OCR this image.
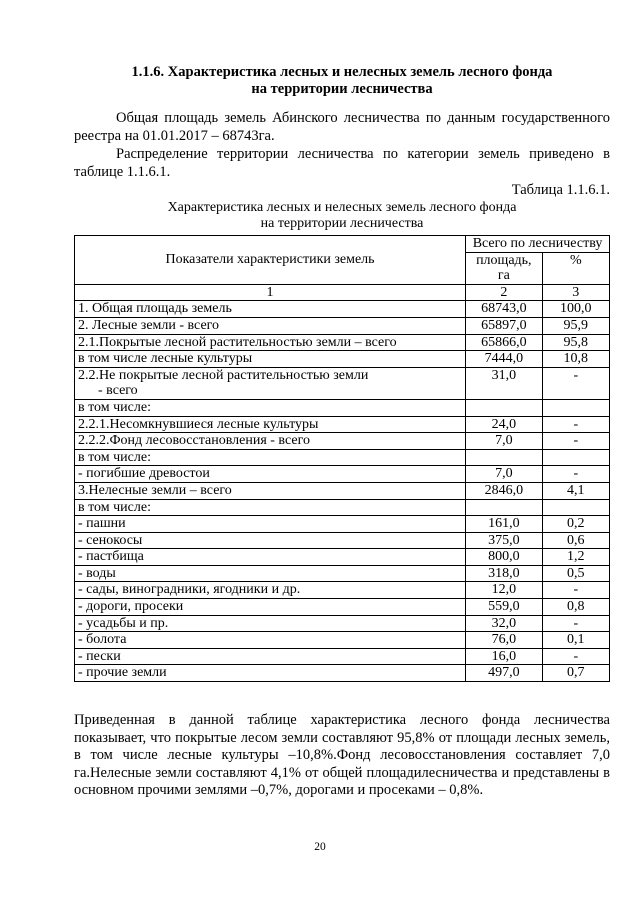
1.1.6. Характеристика лесных и нелесных земель лесного фонда
на территории лесничества
Общая площадь земель Абинского лесничества по данным государственного реестра на 01.01.2017 – 68743га.
Распределение территории лесничества по категории земель приведено в таблице 1.1.6.1.
Таблица 1.1.6.1.
Характеристика лесных и нелесных земель лесного фонда
на территории лесничества
Показатели характеристики земель	Всего по лесничеству	
	площадь, га	%
1	2	3
1. Общая площадь земель	68743,0	100,0
2. Лесные земли - всего	65897,0	95,9
2.1.Покрытые лесной растительностью земли – всего	65866,0	95,8
в том числе лесные культуры	7444,0	10,8

2.2.Не покрытые лесной растительностью земли
- всего	31,0	-
в том числе:		
2.2.1.Несомкнувшиеся лесные культуры	24,0	-
2.2.2.Фонд лесовосстановления - всего	7,0	-
в том числе:		
- погибшие древостои	7,0	-
3.Нелесные земли – всего	2846,0	4,1
в том числе:		
- пашни	161,0	0,2
- сенокосы	375,0	0,6
- пастбища	800,0	1,2
- воды	318,0	0,5
- сады, виноградники, ягодники и др.	12,0	-
- дороги, просеки	559,0	0,8
- усадьбы и пр.	32,0	-
- болота	76,0	0,1
- пески	16,0	-
- прочие земли	497,0	0,7
Приведенная в данной таблице характеристика лесного фонда лесничества показывает, что покрытые лесом земли составляют 95,8% от площади лесных земель, в том числе лесные культуры –10,8%.Фонд лесовосстановления составляет 7,0 га.Нелесные земли составляют 4,1% от общей площадилесничества и представлены в основном прочими землями –0,7%, дорогами и просеками – 0,8%.
20
